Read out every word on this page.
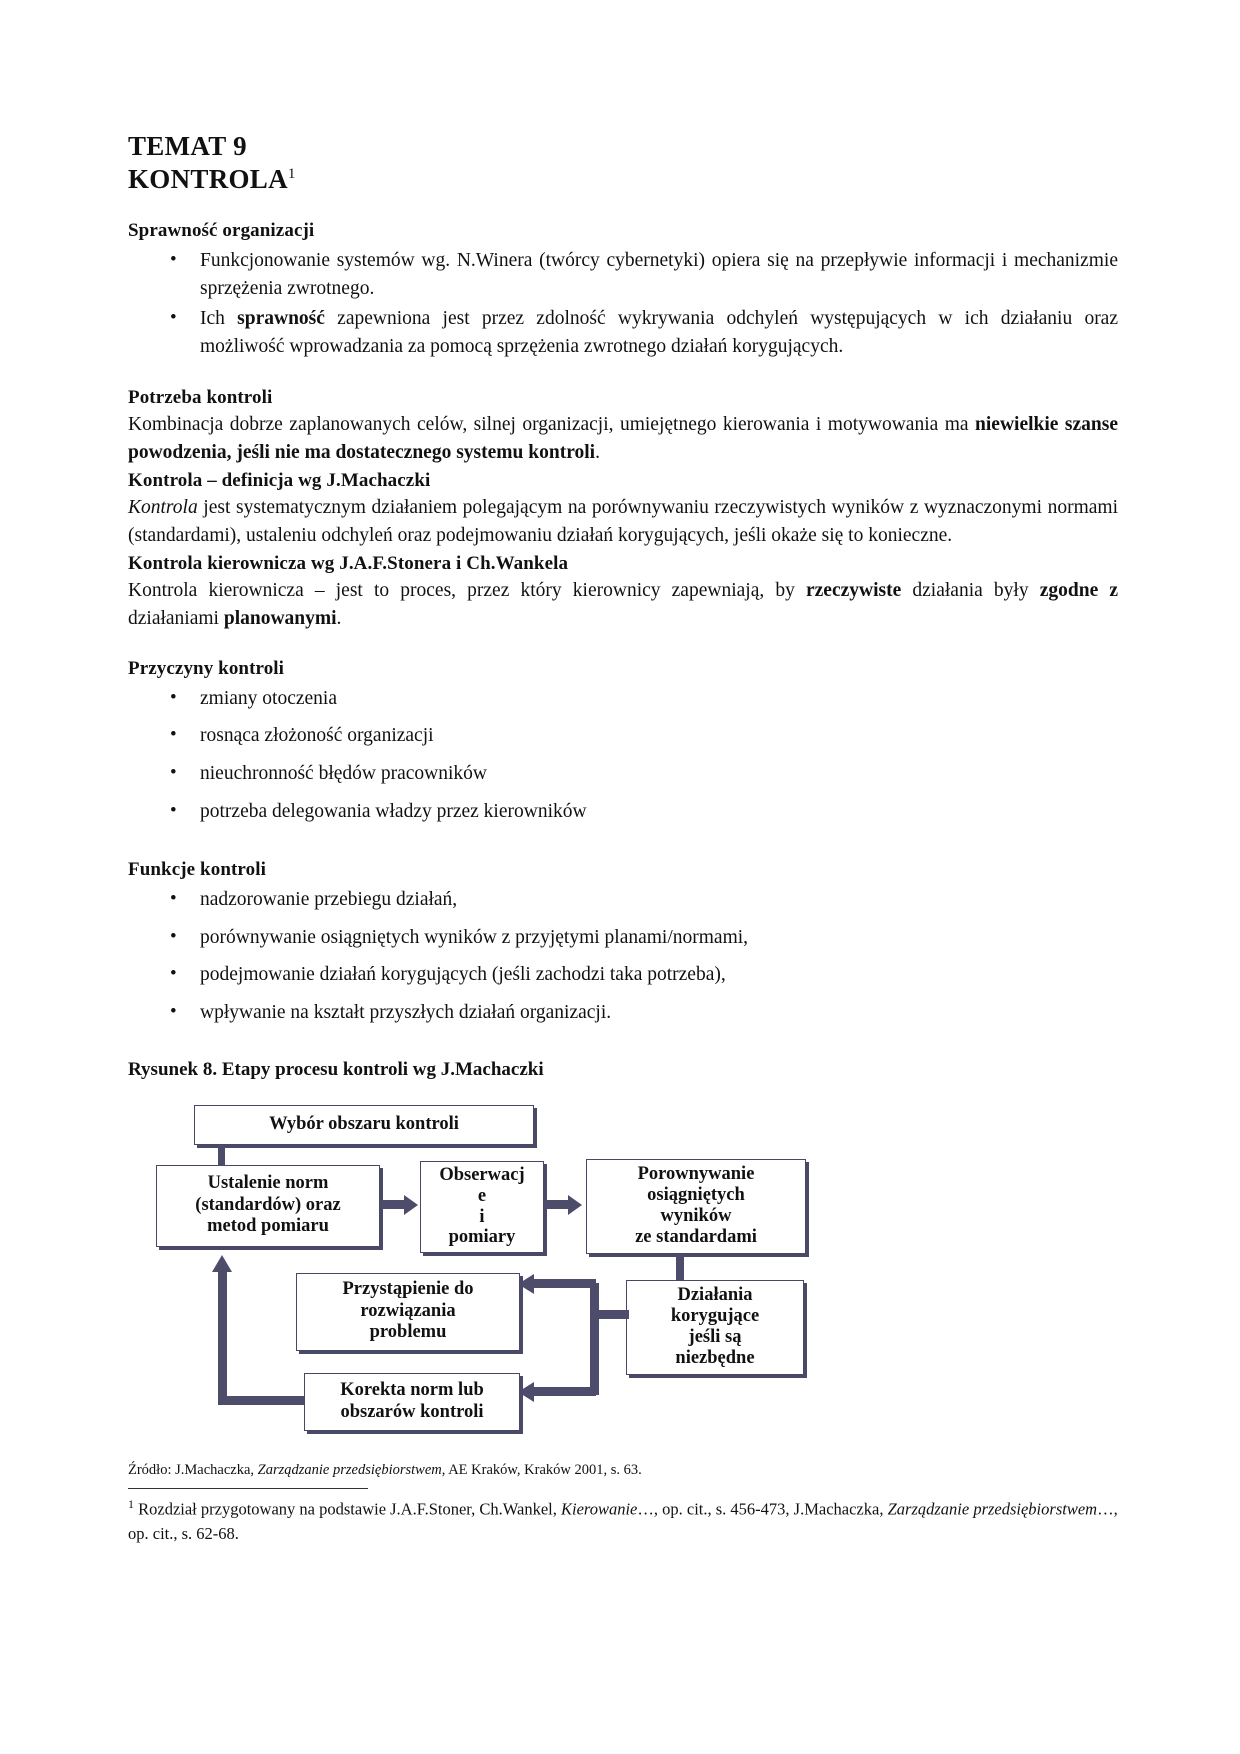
TEMAT 9
KONTROLA$^1$
Sprawność organizacji

• Funkcjonowanie systemów wg. N.Winera (twórcy cybernetyki) opiera się na przepływie informacji i mechanizmie sprzężenia zwrotnego.

• Ich sprawność zapewniona jest przez zdolność wykrywania odchyleń występujących w ich działaniu oraz możliwość wprowadzania za pomocą sprzężenia zwrotnego działań korygujących.

Potrzeba kontroli

Kombinacja dobrze zaplanowanych celów, silnej organizacji, umiejętnego kierowania i motywowania ma niewielkie szanse powodzenia, jeśli nie ma dostatecznego systemu kontroli.

Kontrola – definicja wg J.Machaczki

Kontrola jest systematycznym działaniem polegającym na porównywaniu rzeczywistych wyników z wyznaczonymi normami (standardami), ustaleniu odchyleń oraz podejmowaniu działań korygujących, jeśli okaże się to konieczne.

Kontrola kierownicza wg J.A.F.Stonera i Ch.Wankela

Kontrola kierownicza – jest to proces, przez który kierownicy zapewniają, by rzeczywiste działania były zgodne z działaniami planowanymi.

Przyczyny kontroli
• zmiany otoczenia
• rosnąca złożoność organizacji
• nieuchronność błędów pracowników
• potrzeba delegowania władzy przez kierowników
Funkcje kontroli
• nadzorowanie przebiegu działań,
• porównywanie osiągniętych wyników z przyjętymi planami/normami,
• podejmowanie działań korygujących (jeśli zachodzi taka potrzeba),
• wpływanie na kształt przyszłych działań organizacji.
Rysunek 8. Etapy procesu kontroli wg J.Machaczki
Wybór obszaru kontroli
Ustalenie norm
(standardów) oraz
metod pomiaru
Obserwacj
e
i
pomiary
Porownywanie
osiągniętych
wyników
ze standardami
Działania
korygujące
jeśli są
niezbędne
Przystąpienie do
rozwiązania
problemu
Korekta norm lub
obszarów kontroli
Źródło: J.Machaczka, Zarządzanie przedsiębiorstwem, AE Kraków, Kraków 2001, s. 63.
$^1$ Rozdział przygotowany na podstawie J.A.F.Stoner, Ch.Wankel, Kierowanie…, op. cit., s. 456-473, J.Machaczka, Zarządzanie przedsiębiorstwem…, op. cit., s. 62-68.
